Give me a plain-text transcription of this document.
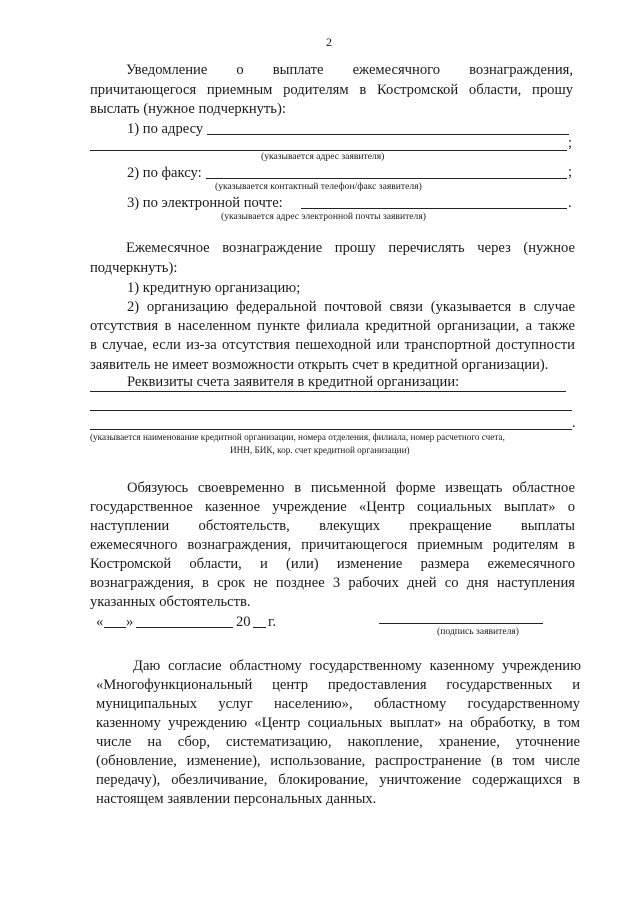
2
Уведомление о выплате ежемесячного вознаграждения,
причитающегося приемным родителям в Костромской области, прошу
выслать (нужное подчеркнуть):
1) по адресу
;
(указывается адрес заявителя)
2) по факсу:	;
(указывается контактный телефон/факс заявителя)
3) по электронной почте:	.
(указывается адрес электронной почты заявителя)
Ежемесячное вознаграждение прошу перечислять через (нужное
подчеркнуть):
1) кредитную организацию;
2) организацию федеральной почтовой связи (указывается в случае
отсутствия в населенном пункте филиала кредитной организации, а также
в случае, если из-за отсутствия пешеходной или транспортной доступности
заявитель не имеет возможности открыть счет в кредитной организации).
Реквизиты счета заявителя в кредитной организации:
.
(указывается наименование кредитной организации, номера отделения, филиала, номер расчетного счета,
ИНН, БИК, кор. счет кредитной организации)
Обязуюсь своевременно в письменной форме извещать областное
государственное казенное учреждение «Центр социальных выплат» о
наступлении обстоятельств, влекущих прекращение выплаты
ежемесячного вознаграждения, причитающегося приемным родителям в
Костромской области, и (или) изменение размера ежемесячного
вознаграждения, в срок не позднее 3 рабочих дней со дня наступления
указанных обстоятельств.
« »	20 г.
(подпись заявителя)
Даю согласие областному государственному казенному учреждению
«Многофункциональный центр предоставления государственных и
муниципальных услуг населению», областному государственному
казенному учреждению «Центр социальных выплат» на обработку, в том
числе на сбор, систематизацию, накопление, хранение, уточнение
(обновление, изменение), использование, распространение (в том числе
передачу), обезличивание, блокирование, уничтожение содержащихся в
настоящем заявлении персональных данных.
